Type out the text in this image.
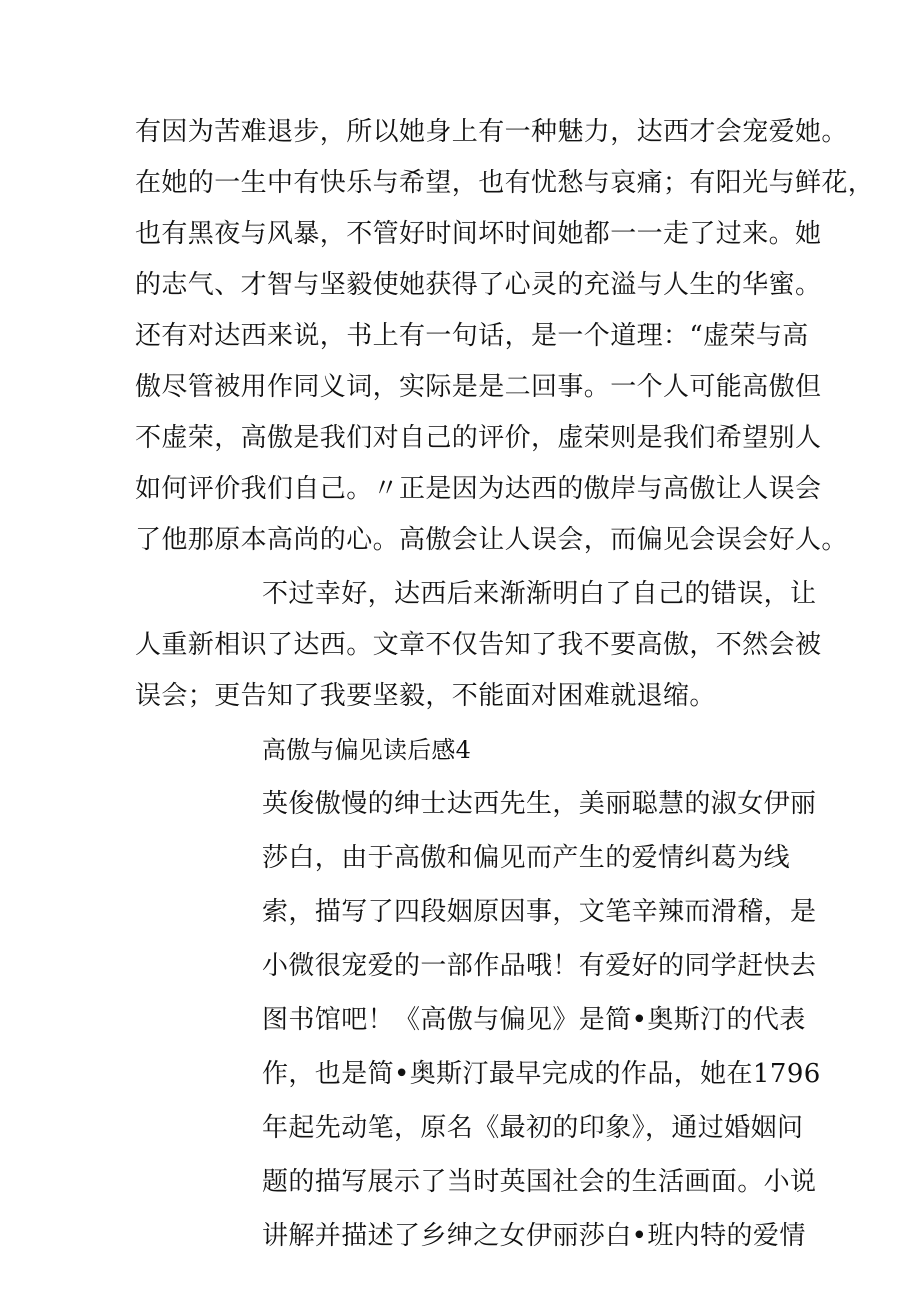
有因为苦难退步，所以她身上有一种魅力，达西才会宠爱她。
在她的一生中有快乐与希望，也有忧愁与哀痛；有阳光与鲜花，
也有黑夜与风暴，不管好时间坏时间她都一一走了过来。她
的志气、才智与坚毅使她获得了心灵的充溢与人生的华蜜。
还有对达西来说，书上有一句话，是一个道理：“虚荣与高
傲尽管被用作同义词，实际是是二回事。一个人可能高傲但
不虚荣，高傲是我们对自己的评价，虚荣则是我们希望别人
如何评价我们自己。〃正是因为达西的傲岸与高傲让人误会
了他那原本高尚的心。高傲会让人误会，而偏见会误会好人。
不过幸好，达西后来渐渐明白了自己的错误，让
人重新相识了达西。文章不仅告知了我不要高傲，不然会被
误会；更告知了我要坚毅，不能面对困难就退缩。
高傲与偏见读后感4
英俊傲慢的绅士达西先生，美丽聪慧的淑女伊丽
莎白，由于高傲和偏见而产生的爱情纠葛为线
索，描写了四段姻原因事，文笔辛辣而滑稽，是
小微很宠爱的一部作品哦！有爱好的同学赶快去
图书馆吧！《高傲与偏见》是简•奥斯汀的代表
作，也是简•奥斯汀最早完成的作品，她在1796
年起先动笔，原名《最初的印象》，通过婚姻问
题的描写展示了当时英国社会的生活画面。小说
讲解并描述了乡绅之女伊丽莎白•班内特的爱情
